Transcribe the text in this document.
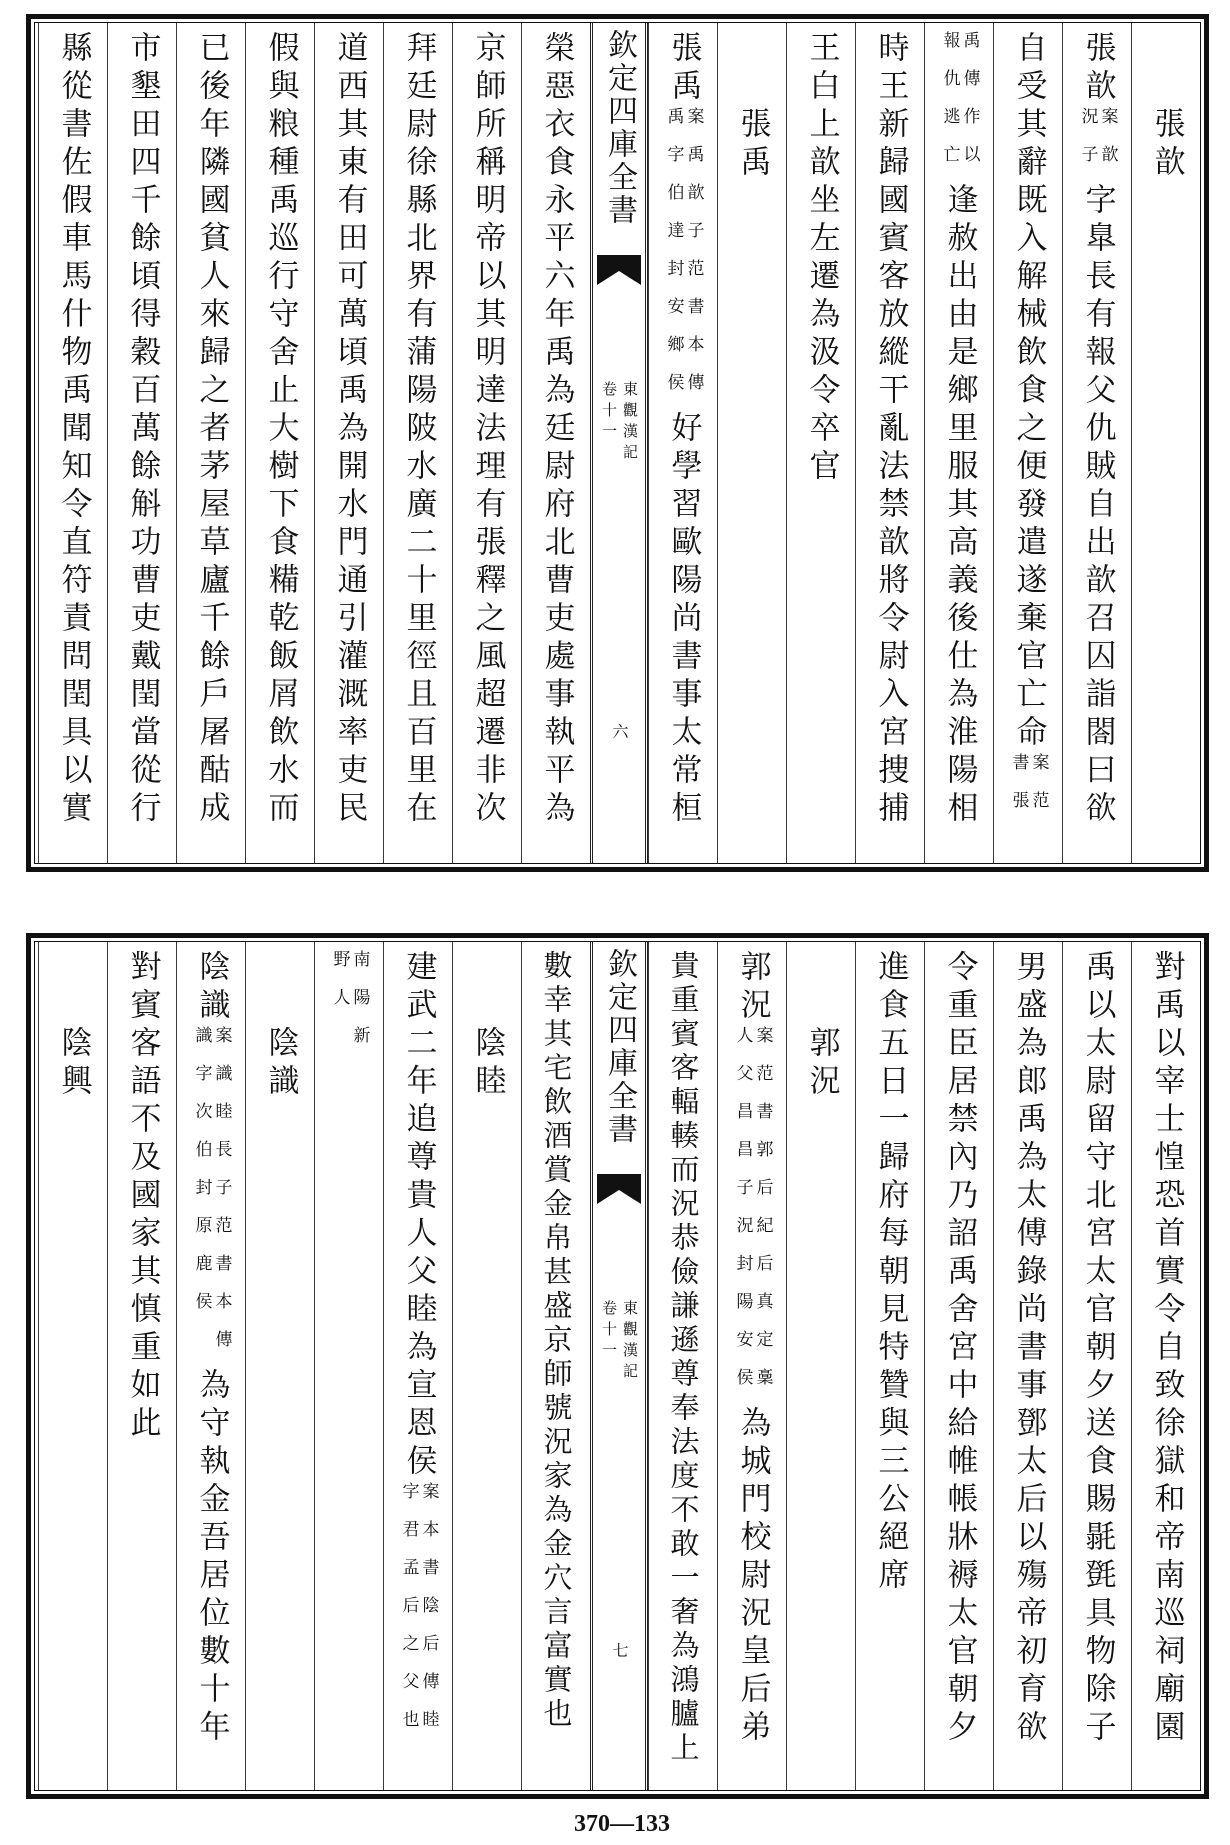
張歆
張歆
案歆
況子
字臯長有報父仇賊自出歆召囚詣閤曰欲
自受其辭既入解械飲食之便發遣遂棄官亡命
案范
書張
禹傳作以
報仇逃亡
逢赦出由是鄉里服其高義後仕為淮陽相
時王新歸國賓客放縱干亂法禁歆將令尉入宮捜捕
王白上歆坐左遷為汲令卒官
張禹
張禹
案禹歆子范書本傳
禹字伯達封安鄉侯
好學習歐陽尚書事太常桓
欽定四庫全書
東觀漢記
卷十一
六
榮惡衣食永平六年禹為廷尉府北曹吏處事執平為
京師所稱明帝以其明達法理有張釋之風超遷非次
拜廷尉徐縣北界有蒲陽陂水廣二十里徑且百里在
道西其東有田可萬頃禹為開水門通引灌溉率吏民
假與粮種禹巡行守舍止大樹下食糒乾飯屑飲水而
已後年隣國貧人來歸之者茅屋草廬千餘戶屠酤成
市墾田四千餘頃得穀百萬餘斛功曹吏戴閏當從行
縣從書佐假車馬什物禹聞知令直符責問閏具以實
對禹以宰士惶恐首實令自致徐獄和帝南巡祠廟園
禹以太尉留守北宮太官朝夕送食賜毾㲪具物除子
男盛為郎禹為太傅錄尚書事鄧太后以殤帝初育欲
令重臣居禁內乃詔禹舍宮中給帷帳牀褥太官朝夕
進食五日一歸府每朝見特贊與三公絕席
郭況
郭況
案范書郭后紀后真定稾
人父昌昌子況封陽安侯
為城門校尉況皇后弟
貴重賓客輻輳而況恭儉謙遜尊奉法度不敢一奢為鴻臚上
欽定四庫全書
東觀漢記
卷十一
七
數幸其宅飲酒賞金帛甚盛京師號況家為金穴言富實也
陰睦
建武二年追尊貴人父睦為宣恩侯
案本書陰后傳睦
字君孟后之父也
南陽新
野人
陰識
陰識
案識睦長子范書本傳
識字次伯封原鹿侯
為守執金吾居位數十年
對賓客語不及國家其慎重如此
陰興
370—133
